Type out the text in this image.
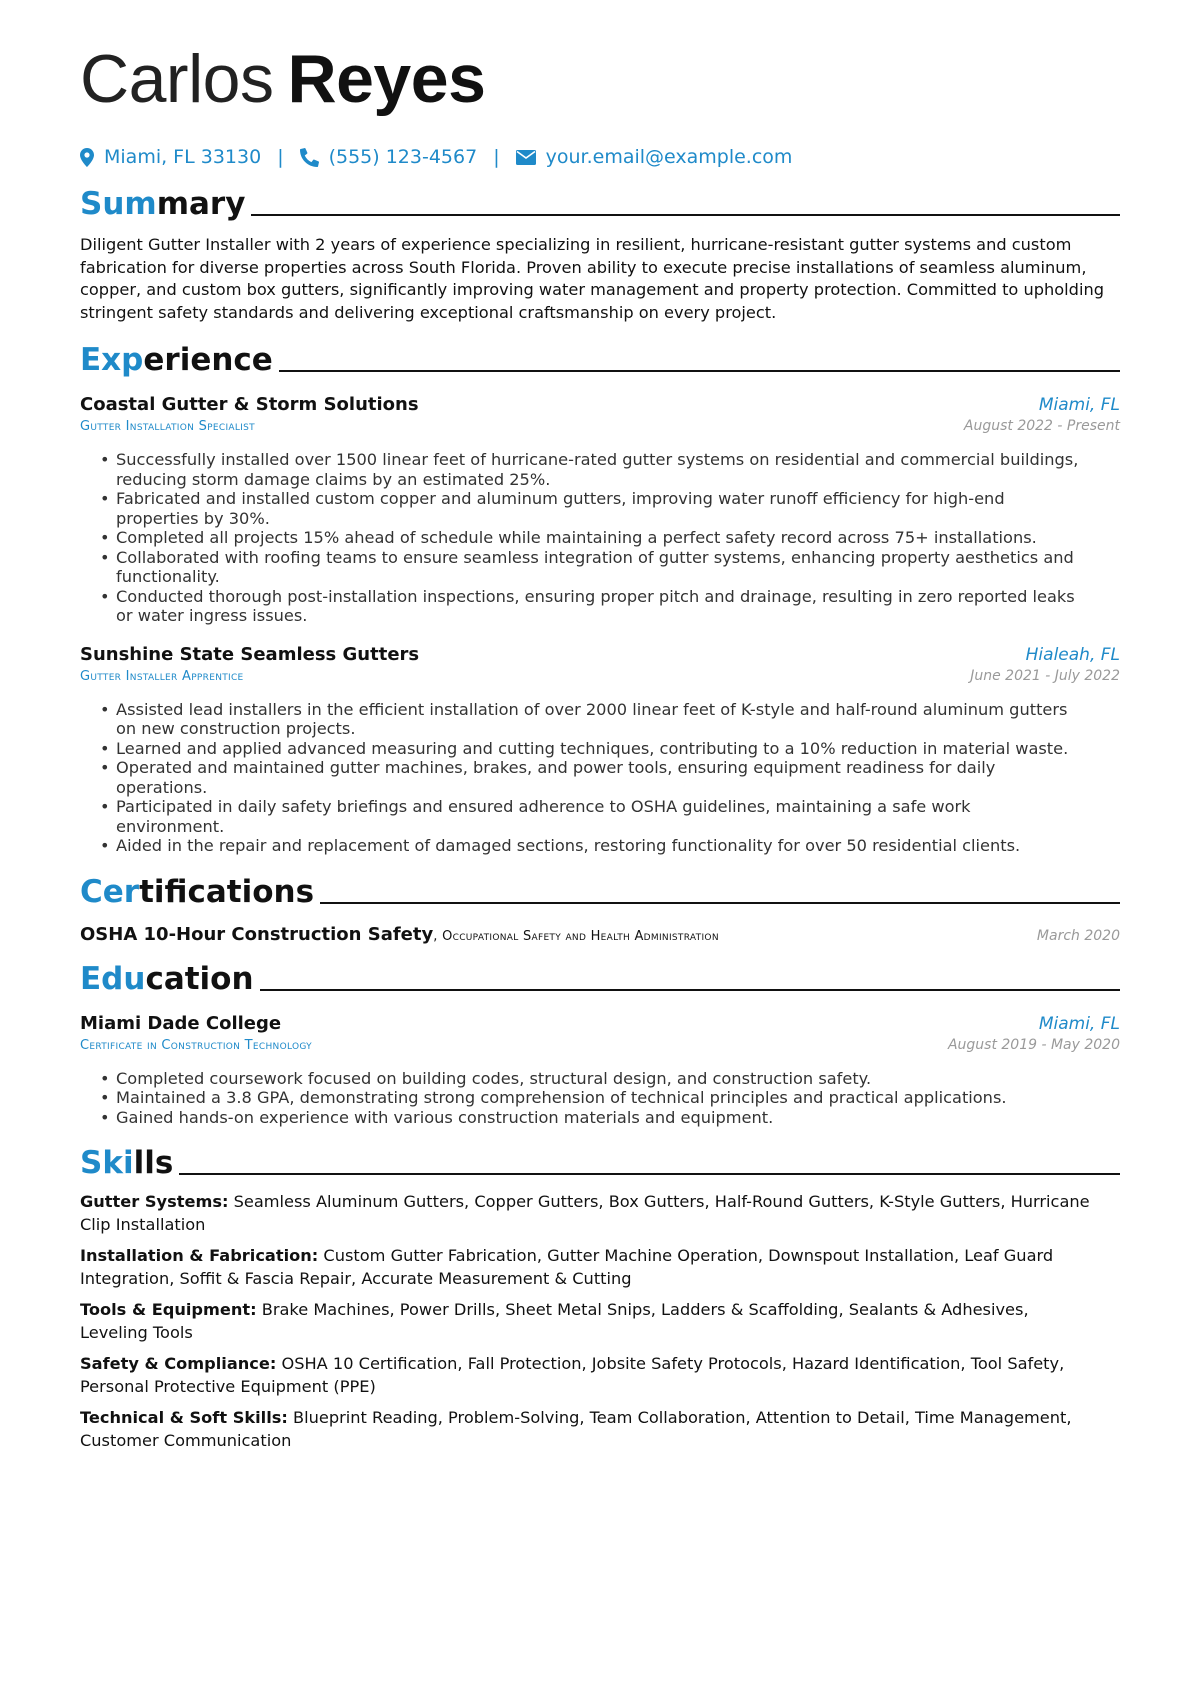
Carlos Reyes
Miami, FL 33130 | (555) 123-4567 | your.email@example.com
Sum mary
Diligent Gutter Installer with 2 years of experience specializing in resilient, hurricane-resistant gutter systems and custom fabrication for diverse properties across South Florida. Proven ability to execute precise installations of seamless aluminum, copper, and custom box gutters, significantly improving water management and property protection. Committed to upholding stringent safety standards and delivering exceptional craftsmanship on every project.
Exp erience
Coastal Gutter & Storm Solutions	Miami, FL
Gutter Installation Specialist	August 2022 - Present
• Successfully installed over 1500 linear feet of hurricane-rated gutter systems on residential and commercial buildings, reducing storm damage claims by an estimated 25%.
• Fabricated and installed custom copper and aluminum gutters, improving water runoff efficiency for high-end properties by 30%.
• Completed all projects 15% ahead of schedule while maintaining a perfect safety record across 75+ installations.
• Collaborated with roofing teams to ensure seamless integration of gutter systems, enhancing property aesthetics and functionality.
• Conducted thorough post-installation inspections, ensuring proper pitch and drainage, resulting in zero reported leaks or water ingress issues.
Sunshine State Seamless Gutters	Hialeah, FL
Gutter Installer Apprentice	June 2021 - July 2022
• Assisted lead installers in the efficient installation of over 2000 linear feet of K-style and half-round aluminum gutters on new construction projects.
• Learned and applied advanced measuring and cutting techniques, contributing to a 10% reduction in material waste.
• Operated and maintained gutter machines, brakes, and power tools, ensuring equipment readiness for daily operations.
• Participated in daily safety briefings and ensured adherence to OSHA guidelines, maintaining a safe work environment.
• Aided in the repair and replacement of damaged sections, restoring functionality for over 50 residential clients.
Cer tifications
OSHA 10-Hour Construction Safety, Occupational Safety and Health Administration	March 2020
Edu cation
Miami Dade College	Miami, FL
Certificate in Construction Technology	August 2019 - May 2020
• Completed coursework focused on building codes, structural design, and construction safety.
• Maintained a 3.8 GPA, demonstrating strong comprehension of technical principles and practical applications.
• Gained hands-on experience with various construction materials and equipment.
Ski lls
Gutter Systems: Seamless Aluminum Gutters, Copper Gutters, Box Gutters, Half-Round Gutters, K-Style Gutters, Hurricane Clip Installation
Installation & Fabrication: Custom Gutter Fabrication, Gutter Machine Operation, Downspout Installation, Leaf Guard Integration, Soffit & Fascia Repair, Accurate Measurement & Cutting
Tools & Equipment: Brake Machines, Power Drills, Sheet Metal Snips, Ladders & Scaffolding, Sealants & Adhesives, Leveling Tools
Safety & Compliance: OSHA 10 Certification, Fall Protection, Jobsite Safety Protocols, Hazard Identification, Tool Safety, Personal Protective Equipment (PPE)
Technical & Soft Skills: Blueprint Reading, Problem-Solving, Team Collaboration, Attention to Detail, Time Management, Customer Communication
